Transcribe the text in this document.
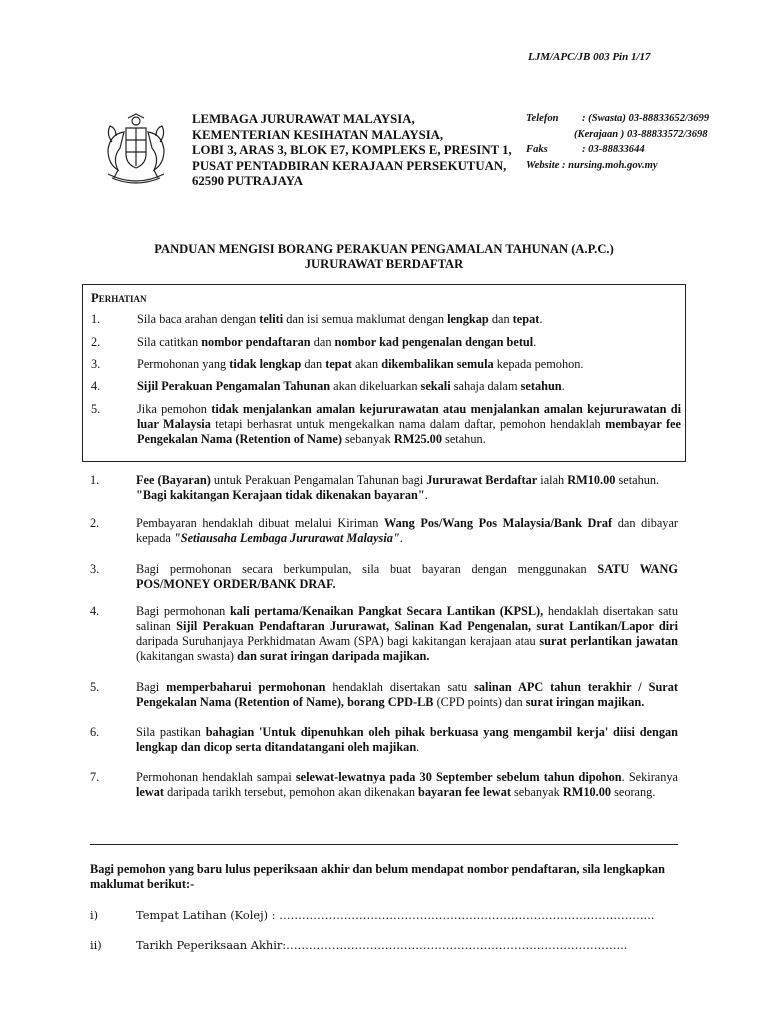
LJM/APC/JB 003 Pin 1/17
LEMBAGA JURURAWAT MALAYSIA,
KEMENTERIAN KESIHATAN MALAYSIA,
LOBI 3, ARAS 3, BLOK E7, KOMPLEKS E, PRESINT 1,
PUSAT PENTADBIRAN KERAJAAN PERSEKUTUAN,
62590 PUTRAJAYA
Telefon : (Swasta) 03-88833652/3699
(Kerajaan ) 03-88833572/3698
Faks	: 03-88833644
Website : nursing.moh.gov.my
PANDUAN MENGISI BORANG PERAKUAN PENGAMALAN TAHUNAN (A.P.C.)
JURURAWAT BERDAFTAR
Perhatian
1.	Sila baca arahan dengan teliti dan isi semua maklumat dengan lengkap dan tepat.
2.	Sila catitkan nombor pendaftaran dan nombor kad pengenalan dengan betul.
3.	Permohonan yang tidak lengkap dan tepat akan dikembalikan semula kepada pemohon.
4.	Sijil Perakuan Pengamalan Tahunan akan dikeluarkan sekali sahaja dalam setahun.
5.	Jika pemohon tidak menjalankan amalan kejururawatan atau menjalankan amalan kejururawatan di luar Malaysia tetapi berhasrat untuk mengekalkan nama dalam daftar, pemohon hendaklah membayar fee Pengekalan Nama (Retention of Name) sebanyak RM25.00 setahun.
1.	Fee (Bayaran) untuk Perakuan Pengamalan Tahunan bagi Jururawat Berdaftar ialah RM10.00 setahun.
"Bagi kakitangan Kerajaan tidak dikenakan bayaran".
2.	Pembayaran hendaklah dibuat melalui Kiriman Wang Pos/Wang Pos Malaysia/Bank Draf dan dibayar kepada "Setiausaha Lembaga Jururawat Malaysia".
3.	Bagi permohonan secara berkumpulan, sila buat bayaran dengan menggunakan SATU WANG POS/MONEY ORDER/BANK DRAF.
4.	Bagi permohonan kali pertama/Kenaikan Pangkat Secara Lantikan (KPSL), hendaklah disertakan satu salinan Sijil Perakuan Pendaftaran Jururawat, Salinan Kad Pengenalan, surat Lantikan/Lapor diri daripada Suruhanjaya Perkhidmatan Awam (SPA) bagi kakitangan kerajaan atau surat perlantikan jawatan (kakitangan swasta) dan surat iringan daripada majikan.
5.	Bagi memperbaharui permohonan hendaklah disertakan satu salinan APC tahun terakhir / Surat Pengekalan Nama (Retention of Name), borang CPD-LB (CPD points) dan surat iringan majikan.
6.	Sila pastikan bahagian 'Untuk dipenuhkan oleh pihak berkuasa yang mengambil kerja' diisi dengan lengkap dan dicop serta ditandatangani oleh majikan.
7.	Permohonan hendaklah sampai selewat-lewatnya pada 30 September sebelum tahun dipohon. Sekiranya lewat daripada tarikh tersebut, pemohon akan dikenakan bayaran fee lewat sebanyak RM10.00 seorang.
Bagi pemohon yang baru lulus peperiksaan akhir dan belum mendapat nombor pendaftaran, sila lengkapkan maklumat berikut:-
i)	Tempat Latihan (Kolej) : ……………………………………………………………………………………...
ii)	Tarikh Peperiksaan Akhir:……………………………………………………………………………...
